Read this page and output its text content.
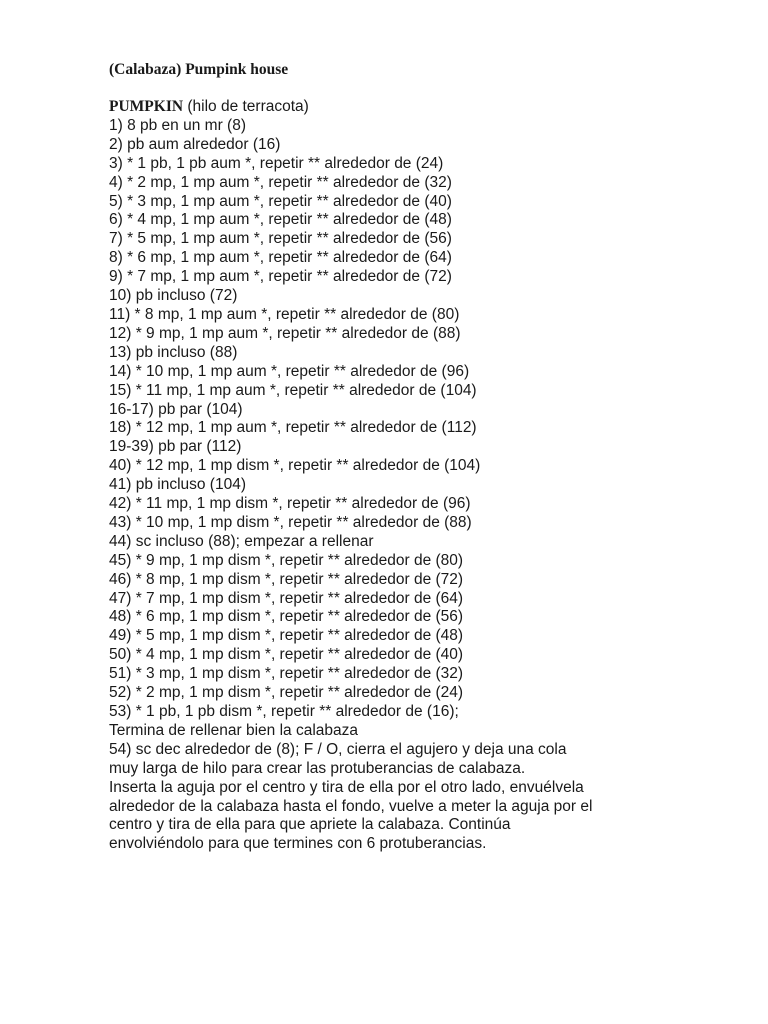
(Calabaza) Pumpink house
PUMPKIN (hilo de terracota)
1) 8 pb en un mr (8)
2) pb aum alrededor (16)
3) * 1 pb, 1 pb aum *, repetir ** alrededor de (24)
4) * 2 mp, 1 mp aum *, repetir ** alrededor de (32)
5) * 3 mp, 1 mp aum *, repetir ** alrededor de (40)
6) * 4 mp, 1 mp aum *, repetir ** alrededor de (48)
7) * 5 mp, 1 mp aum *, repetir ** alrededor de (56)
8) * 6 mp, 1 mp aum *, repetir ** alrededor de (64)
9) * 7 mp, 1 mp aum *, repetir ** alrededor de (72)
10) pb incluso (72)
11) * 8 mp, 1 mp aum *, repetir ** alrededor de (80)
12) * 9 mp, 1 mp aum *, repetir ** alrededor de (88)
13) pb incluso (88)
14) * 10 mp, 1 mp aum *, repetir ** alrededor de (96)
15) * 11 mp, 1 mp aum *, repetir ** alrededor de (104)
16-17) pb par (104)
18) * 12 mp, 1 mp aum *, repetir ** alrededor de (112)
19-39) pb par (112)
40) * 12 mp, 1 mp dism *, repetir ** alrededor de (104)
41) pb incluso (104)
42) * 11 mp, 1 mp dism *, repetir ** alrededor de (96)
43) * 10 mp, 1 mp dism *, repetir ** alrededor de (88)
44) sc incluso (88); empezar a rellenar
45) * 9 mp, 1 mp dism *, repetir ** alrededor de (80)
46) * 8 mp, 1 mp dism *, repetir ** alrededor de (72)
47) * 7 mp, 1 mp dism *, repetir ** alrededor de (64)
48) * 6 mp, 1 mp dism *, repetir ** alrededor de (56)
49) * 5 mp, 1 mp dism *, repetir ** alrededor de (48)
50) * 4 mp, 1 mp dism *, repetir ** alrededor de (40)
51) * 3 mp, 1 mp dism *, repetir ** alrededor de (32)
52) * 2 mp, 1 mp dism *, repetir ** alrededor de (24)
53) * 1 pb, 1 pb dism *, repetir ** alrededor de (16);
Termina de rellenar bien la calabaza
54) sc dec alrededor de (8); F / O, cierra el agujero y deja una cola
muy larga de hilo para crear las protuberancias de calabaza.
Inserta la aguja por el centro y tira de ella por el otro lado, envuélvela
alrededor de la calabaza hasta el fondo, vuelve a meter la aguja por el
centro y tira de ella para que apriete la calabaza. Continúa
envolviéndolo para que termines con 6 protuberancias.
